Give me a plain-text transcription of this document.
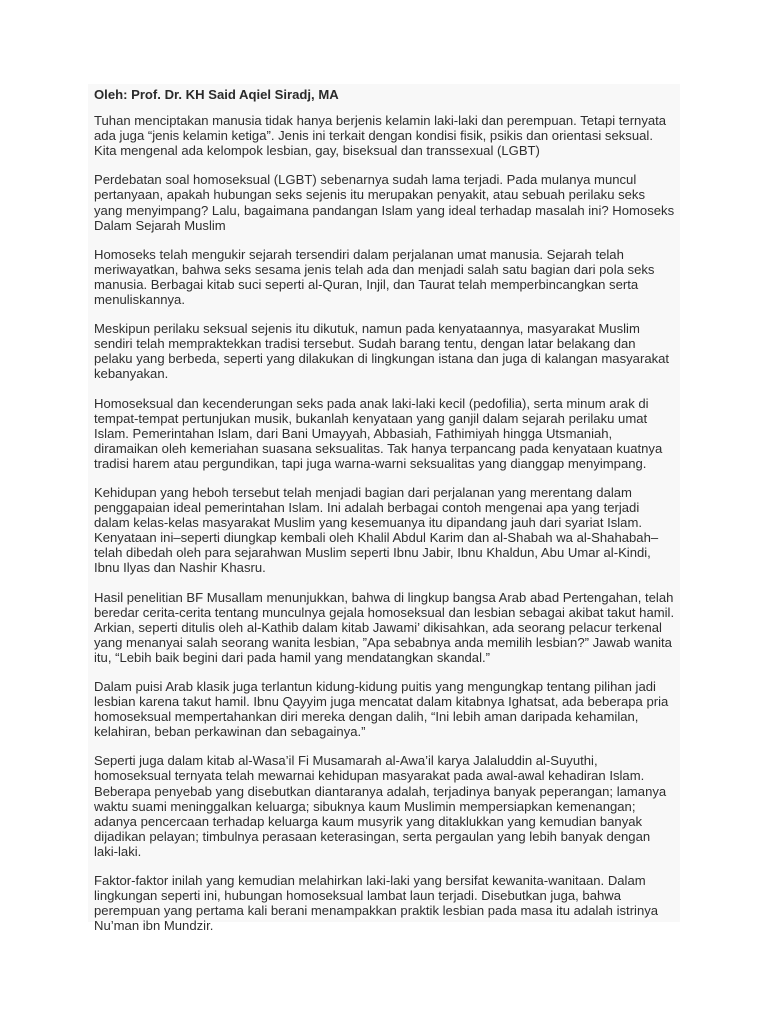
Oleh: Prof. Dr. KH Said Aqiel Siradj, MA

Tuhan menciptakan manusia tidak hanya berjenis kelamin laki-laki dan perempuan. Tetapi ternyata ada juga “jenis kelamin ketiga”. Jenis ini terkait dengan kondisi fisik, psikis dan orientasi seksual. Kita mengenal ada kelompok lesbian, gay, biseksual dan transsexual (LGBT)

Perdebatan soal homoseksual (LGBT) sebenarnya sudah lama terjadi. Pada mulanya muncul pertanyaan, apakah hubungan seks sejenis itu merupakan penyakit, atau sebuah perilaku seks yang menyimpang? Lalu, bagaimana pandangan Islam yang ideal terhadap masalah ini? Homoseks Dalam Sejarah Muslim

Homoseks telah mengukir sejarah tersendiri dalam perjalanan umat manusia. Sejarah telah meriwayatkan, bahwa seks sesama jenis telah ada dan menjadi salah satu bagian dari pola seks manusia. Berbagai kitab suci seperti al-Quran, Injil, dan Taurat telah memperbincangkan serta menuliskannya.

Meskipun perilaku seksual sejenis itu dikutuk, namun pada kenyataannya, masyarakat Muslim sendiri telah mempraktekkan tradisi tersebut. Sudah barang tentu, dengan latar belakang dan pelaku yang berbeda, seperti yang dilakukan di lingkungan istana dan juga di kalangan masyarakat kebanyakan.

Homoseksual dan kecenderungan seks pada anak laki-laki kecil (pedofilia), serta minum arak di tempat-tempat pertunjukan musik, bukanlah kenyataan yang ganjil dalam sejarah perilaku umat Islam. Pemerintahan Islam, dari Bani Umayyah, Abbasiah, Fathimiyah hingga Utsmaniah, diramaikan oleh kemeriahan suasana seksualitas. Tak hanya terpancang pada kenyataan kuatnya tradisi harem atau pergundikan, tapi juga warna-warni seksualitas yang dianggap menyimpang.

Kehidupan yang heboh tersebut telah menjadi bagian dari perjalanan yang merentang dalam penggapaian ideal pemerintahan Islam. Ini adalah berbagai contoh mengenai apa yang terjadi dalam kelas-kelas masyarakat Muslim yang kesemuanya itu dipandang jauh dari syariat Islam. Kenyataan ini–seperti diungkap kembali oleh Khalil Abdul Karim dan al-Shabah wa al-Shahabah–telah dibedah oleh para sejarahwan Muslim seperti Ibnu Jabir, Ibnu Khaldun, Abu Umar al-Kindi, Ibnu Ilyas dan Nashir Khasru.

Hasil penelitian BF Musallam menunjukkan, bahwa di lingkup bangsa Arab abad Pertengahan, telah beredar cerita-cerita tentang munculnya gejala homoseksual dan lesbian sebagai akibat takut hamil. Arkian, seperti ditulis oleh al-Kathib dalam kitab Jawami’ dikisahkan, ada seorang pelacur terkenal yang menanyai salah seorang wanita lesbian, ”Apa sebabnya anda memilih lesbian?” Jawab wanita itu, “Lebih baik begini dari pada hamil yang mendatangkan skandal.”

Dalam puisi Arab klasik juga terlantun kidung-kidung puitis yang mengungkap tentang pilihan jadi lesbian karena takut hamil. Ibnu Qayyim juga mencatat dalam kitabnya Ighatsat, ada beberapa pria homoseksual mempertahankan diri mereka dengan dalih, “Ini lebih aman daripada kehamilan, kelahiran, beban perkawinan dan sebagainya.”

Seperti juga dalam kitab al-Wasa’il Fi Musamarah al-Awa’il karya Jalaluddin al-Suyuthi, homoseksual ternyata telah mewarnai kehidupan masyarakat pada awal-awal kehadiran Islam. Beberapa penyebab yang disebutkan diantaranya adalah, terjadinya banyak peperangan; lamanya waktu suami meninggalkan keluarga; sibuknya kaum Muslimin mempersiapkan kemenangan; adanya pencercaan terhadap keluarga kaum musyrik yang ditaklukkan yang kemudian banyak dijadikan pelayan; timbulnya perasaan keterasingan, serta pergaulan yang lebih banyak dengan laki-laki.

Faktor-faktor inilah yang kemudian melahirkan laki-laki yang bersifat kewanita-wanitaan. Dalam lingkungan seperti ini, hubungan homoseksual lambat laun terjadi. Disebutkan juga, bahwa perempuan yang pertama kali berani menampakkan praktik lesbian pada masa itu adalah istrinya Nu’man ibn Mundzir.
